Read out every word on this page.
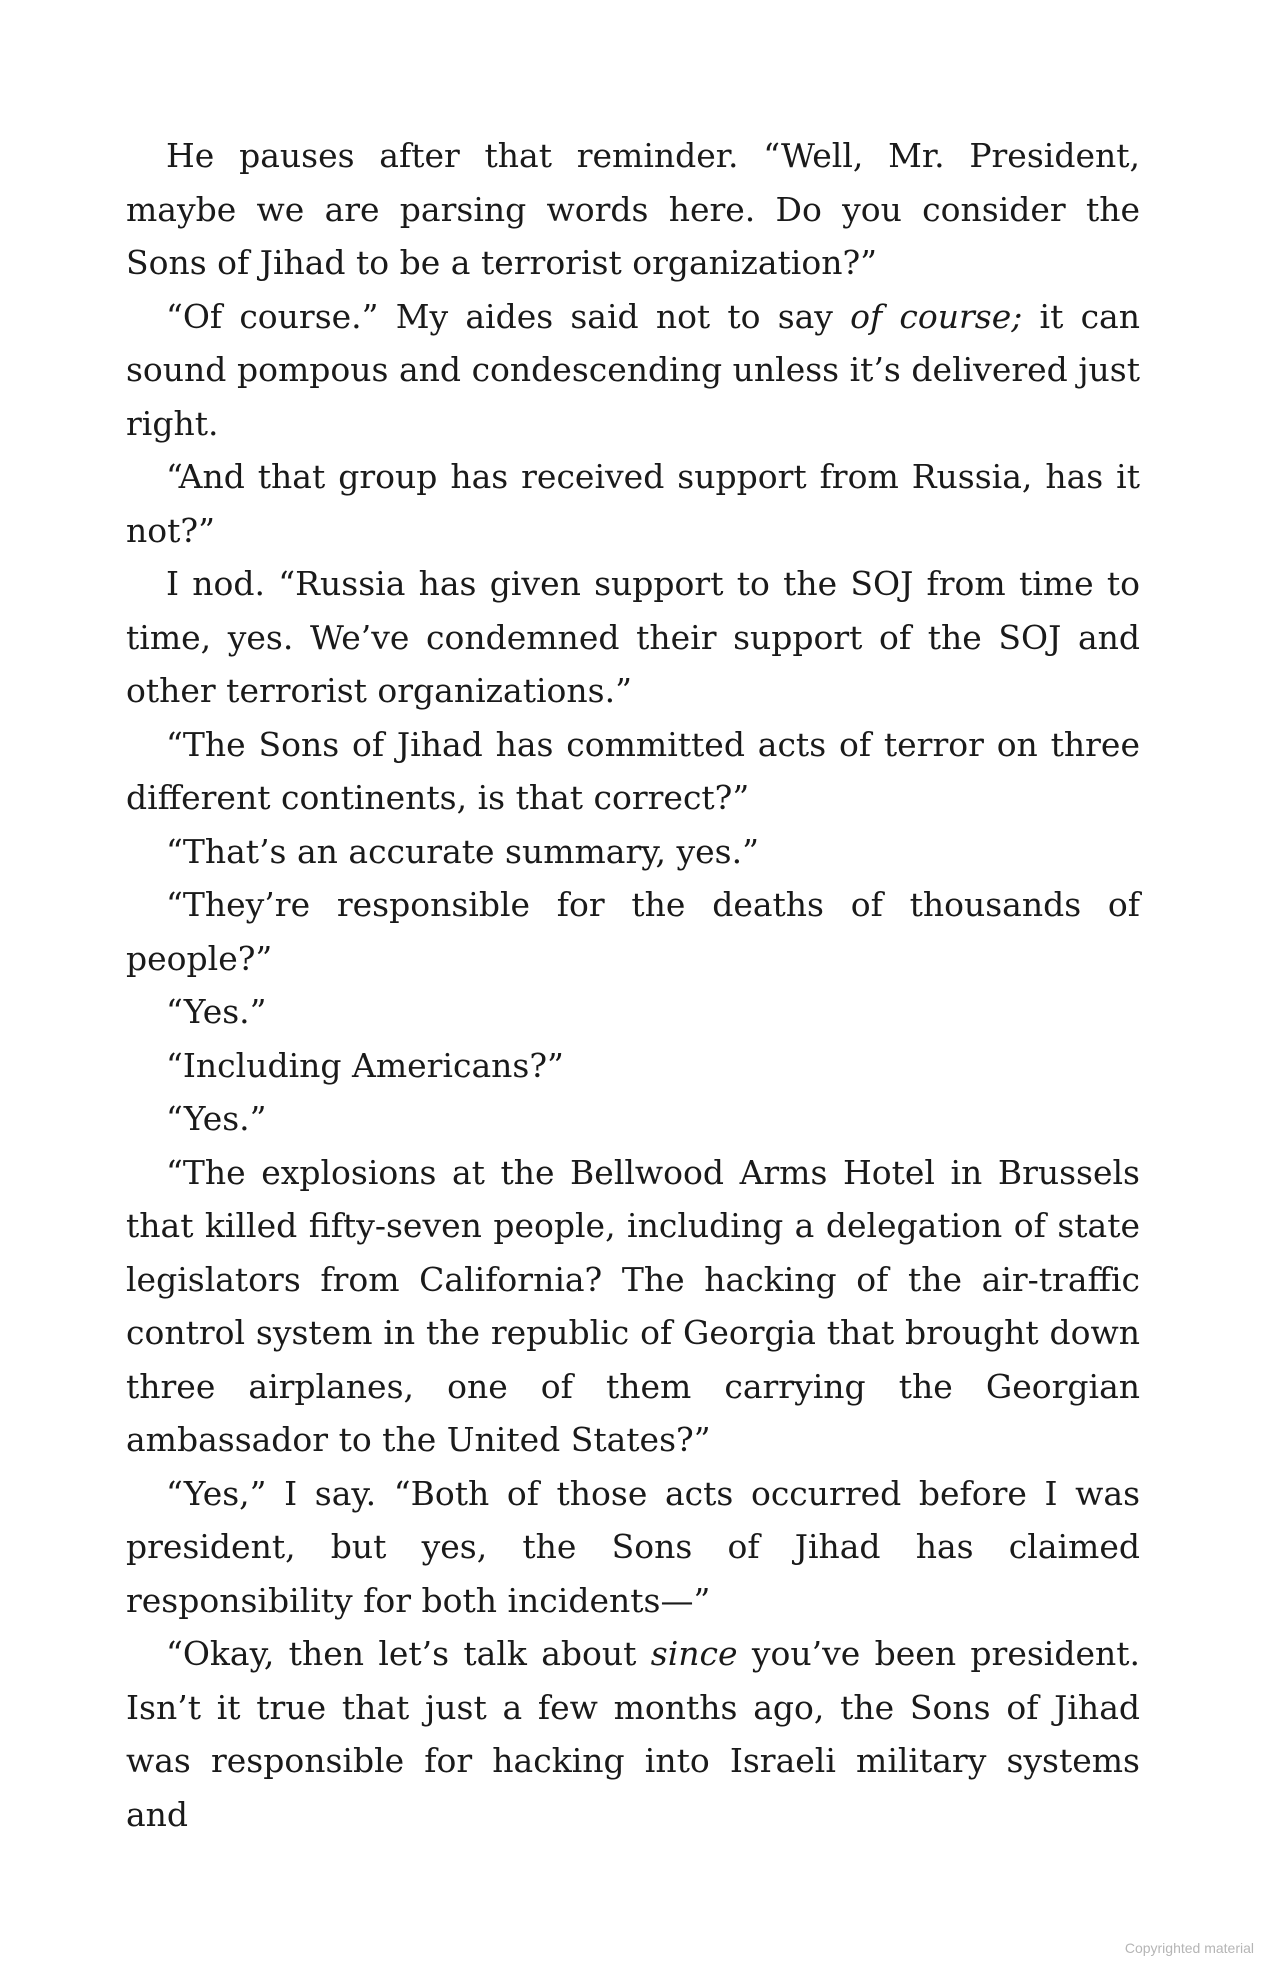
He pauses after that reminder. “Well, Mr. President, maybe we are parsing words here. Do you consider the Sons of Jihad to be a terrorist organization?”

“Of course.” My aides said not to say of course; it can sound pompous and condescending unless it’s delivered just right.

“And that group has received support from Russia, has it not?”

I nod. “Russia has given support to the SOJ from time to time, yes. We’ve condemned their support of the SOJ and other terrorist organizations.”

“The Sons of Jihad has committed acts of terror on three different continents, is that correct?”

“That’s an accurate summary, yes.”

“They’re responsible for the deaths of thousands of people?”

“Yes.”

“Including Americans?”

“Yes.”

“The explosions at the Bellwood Arms Hotel in Brussels that killed fifty-seven people, including a delegation of state legislators from California? The hacking of the air-traffic control system in the republic of Georgia that brought down three airplanes, one of them carrying the Georgian ambassador to the United States?”

“Yes,” I say. “Both of those acts occurred before I was president, but yes, the Sons of Jihad has claimed responsibility for both incidents—”

“Okay, then let’s talk about since you’ve been president. Isn’t it true that just a few months ago, the Sons of Jihad was responsible for hacking into Israeli military systems and

Copyrighted material
